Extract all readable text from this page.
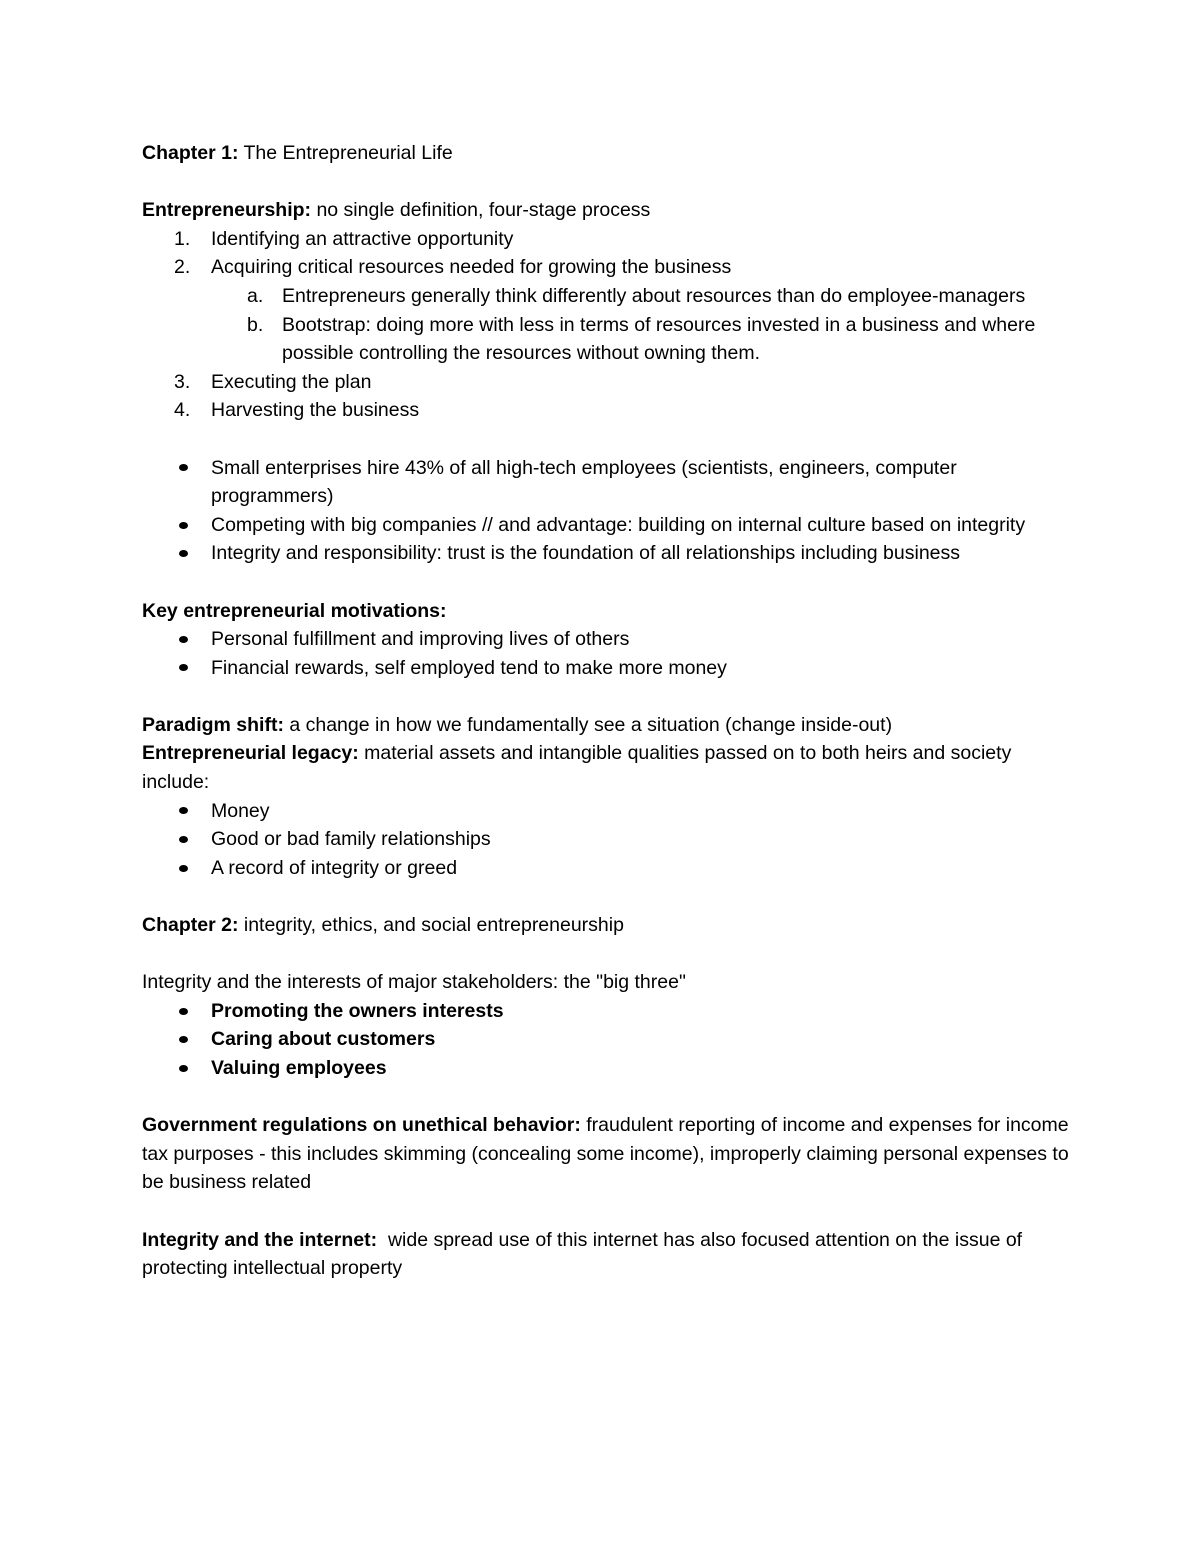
Chapter 1: The Entrepreneurial Life

Entrepreneurship: no single definition, four-stage process

1.	Identifying an attractive opportunity
2.	Acquiring critical resources needed for growing the business
a. Entrepreneurs generally think differently about resources than do employee-managers
b. Bootstrap: doing more with less in terms of resources invested in a business and where possible controlling the resources without owning them.
3.	Executing the plan
4.	Harvesting the business
Small enterprises hire 43% of all high-tech employees (scientists, engineers, computer programmers)
Competing with big companies // and advantage: building on internal culture based on integrity
Integrity and responsibility: trust is the foundation of all relationships including business

Key entrepreneurial motivations:

Personal fulfillment and improving lives of others
Financial rewards, self employed tend to make more money

Paradigm shift: a change in how we fundamentally see a situation (change inside-out)

Entrepreneurial legacy: material assets and intangible qualities passed on to both heirs and society include:

Money
Good or bad family relationships
A record of integrity or greed

Chapter 2: integrity, ethics, and social entrepreneurship

Integrity and the interests of major stakeholders: the "big three"

Promoting the owners interests
Caring about customers
Valuing employees

Government regulations on unethical behavior: fraudulent reporting of income and expenses for income tax purposes - this includes skimming (concealing some income), improperly claiming personal expenses to be business related

Integrity and the internet:  wide spread use of this internet has also focused attention on the issue of protecting intellectual property
